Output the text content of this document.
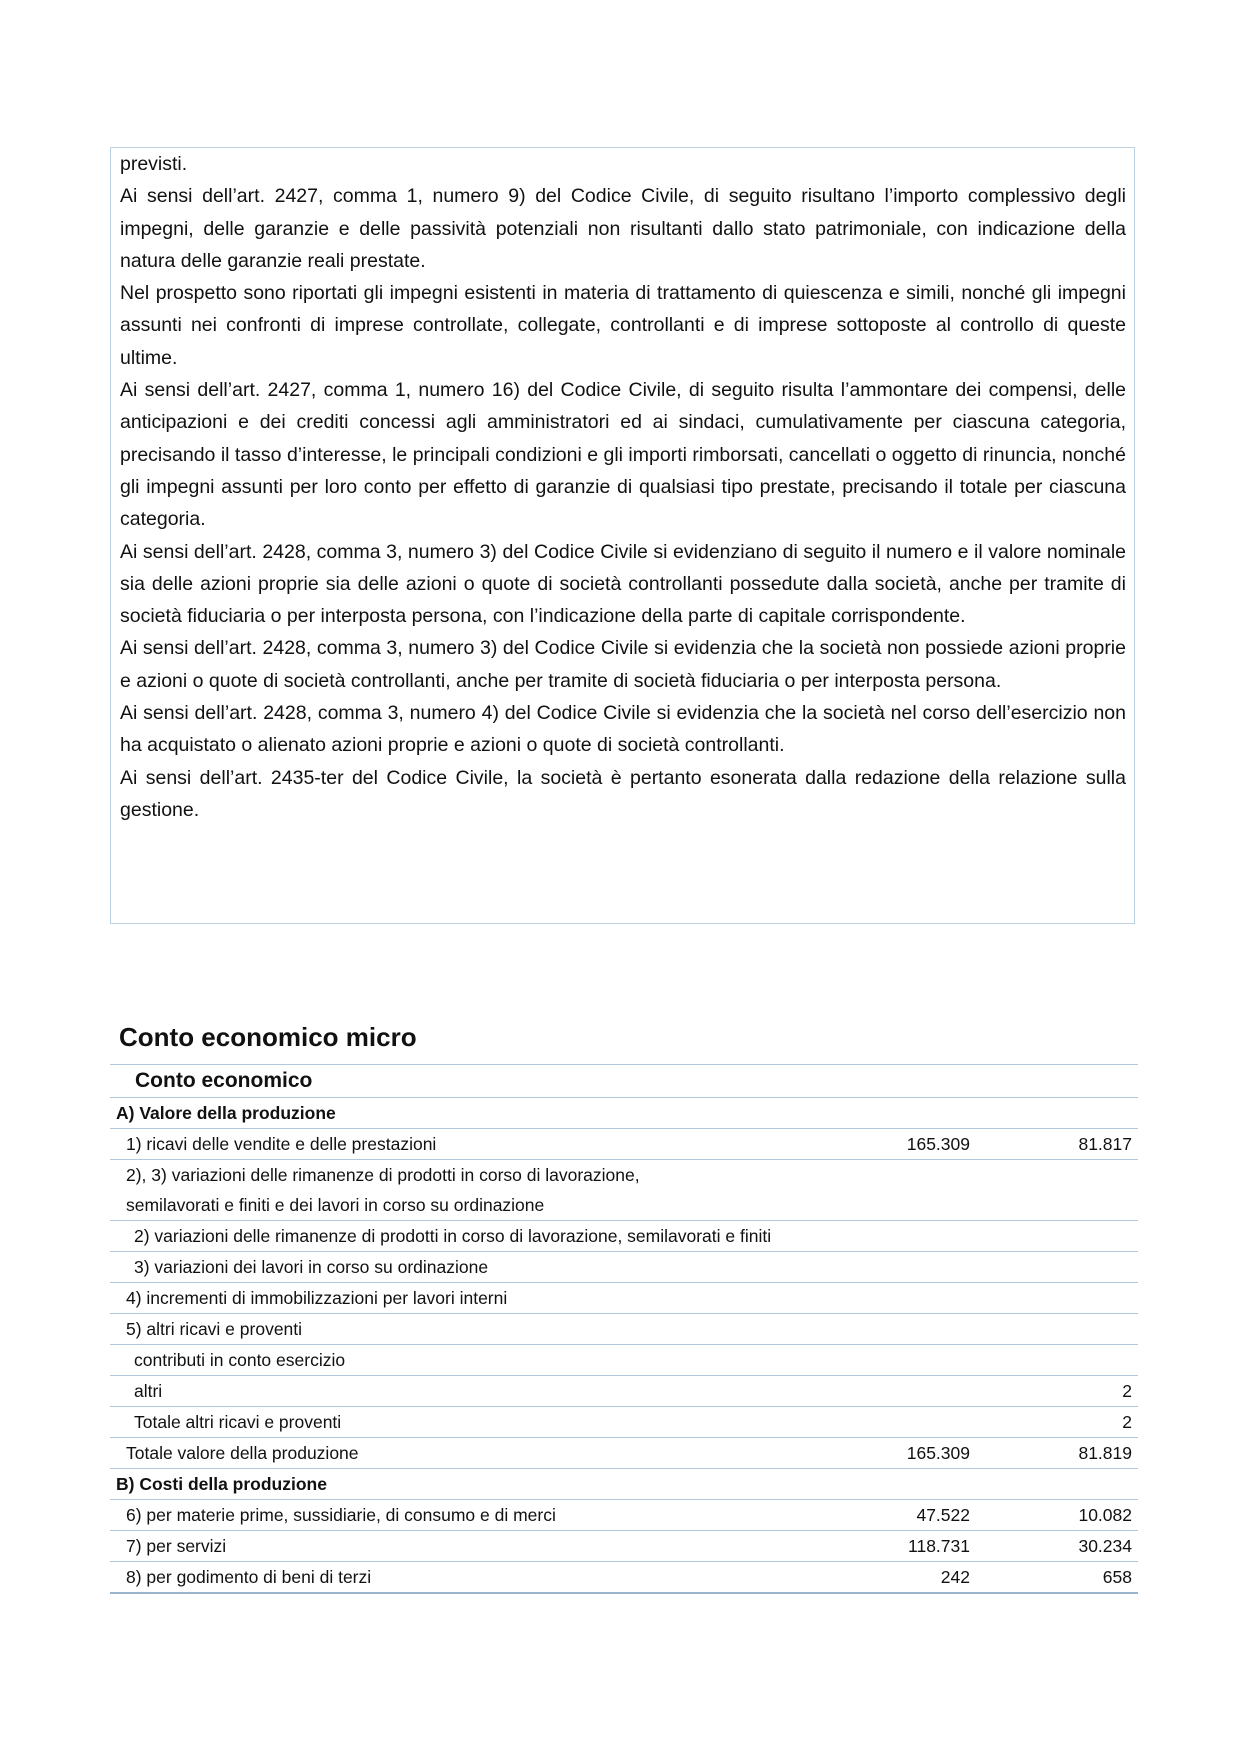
previsti.

Ai sensi dell’art. 2427, comma 1, numero 9) del Codice Civile, di seguito risultano l’importo complessivo degli impegni, delle garanzie e delle passività potenziali non risultanti dallo stato patrimoniale, con indicazione della natura delle garanzie reali prestate.

Nel prospetto sono riportati gli impegni esistenti in materia di trattamento di quiescenza e simili, nonché gli impegni assunti nei confronti di imprese controllate, collegate, controllanti e di imprese sottoposte al controllo di queste ultime.

Ai sensi dell’art. 2427, comma 1, numero 16) del Codice Civile, di seguito risulta l’ammontare dei compensi, delle anticipazioni e dei crediti concessi agli amministratori ed ai sindaci, cumulativamente per ciascuna categoria, precisando il tasso d’interesse, le principali condizioni e gli importi rimborsati, cancellati o oggetto di rinuncia, nonché gli impegni assunti per loro conto per effetto di garanzie di qualsiasi tipo prestate, precisando il totale per ciascuna categoria.

Ai sensi dell’art. 2428, comma 3, numero 3) del Codice Civile si evidenziano di seguito il numero e il valore nominale sia delle azioni proprie sia delle azioni o quote di società controllanti possedute dalla società, anche per tramite di società fiduciaria o per interposta persona, con l’indicazione della parte di capitale corrispondente.

Ai sensi dell’art. 2428, comma 3, numero 3) del Codice Civile si evidenzia che la società non possiede azioni proprie e azioni o quote di società controllanti, anche per tramite di società fiduciaria o per interposta persona.

Ai sensi dell’art. 2428, comma 3, numero 4) del Codice Civile si evidenzia che la società nel corso dell’esercizio non ha acquistato o alienato azioni proprie e azioni o quote di società controllanti.

Ai sensi dell’art. 2435-ter del Codice Civile, la società è pertanto esonerata dalla redazione della relazione sulla gestione.

Conto economico micro
Conto economico		
A) Valore della produzione		
1) ricavi delle vendite e delle prestazioni	165.309	81.817
2), 3) variazioni delle rimanenze di prodotti in corso di lavorazione, semilavorati e finiti e dei lavori in corso su ordinazione		
2) variazioni delle rimanenze di prodotti in corso di lavorazione, semilavorati e finiti		
3) variazioni dei lavori in corso su ordinazione		
4) incrementi di immobilizzazioni per lavori interni		
5) altri ricavi e proventi		
contributi in conto esercizio		
altri		2
Totale altri ricavi e proventi		2
Totale valore della produzione	165.309	81.819
B) Costi della produzione		
6) per materie prime, sussidiarie, di consumo e di merci	47.522	10.082
7) per servizi	118.731	30.234
8) per godimento di beni di terzi	242	658
